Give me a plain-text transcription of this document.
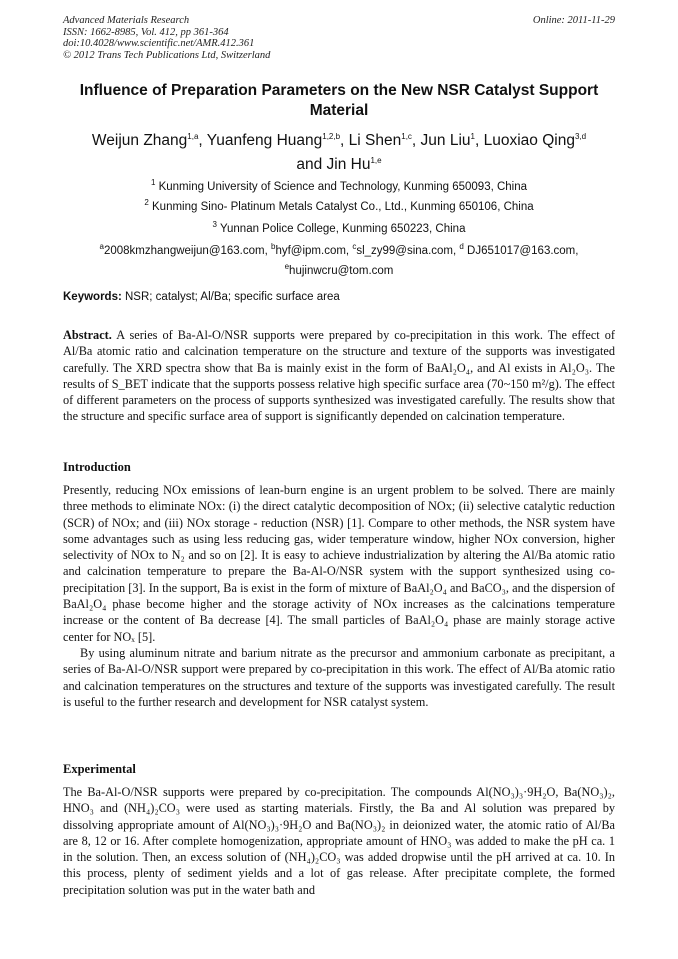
Advanced Materials Research
ISSN: 1662-8985, Vol. 412, pp 361-364
doi:10.4028/www.scientific.net/AMR.412.361
© 2012 Trans Tech Publications Ltd, Switzerland
Online: 2011-11-29
Influence of Preparation Parameters on the New NSR Catalyst Support Material
Weijun Zhang$^{1,a}$, Yuanfeng Huang$^{1,2,b}$, Li Shen$^{1,c}$, Jun Liu$^1$, Luoxiao Qing$^{3,d}$
and Jin Hu$^{1,e}$
$^1$ Kunming University of Science and Technology, Kunming 650093, China
$^2$ Kunming Sino- Platinum Metals Catalyst Co., Ltd., Kunming 650106, China
$^3$ Yunnan Police College, Kunming 650223, China
$^a$2008kmzhangweijun@163.com, $^b$hyf@ipm.com, $^c$sl_zy99@sina.com, $^d$ DJ651017@163.com,
$^e$hujinwcru@tom.com
Keywords: NSR; catalyst; Al/Ba; specific surface area

Abstract. A series of Ba-Al-O/NSR supports were prepared by co-precipitation in this work. The effect of Al/Ba atomic ratio and calcination temperature on the structure and texture of the supports was investigated carefully. The XRD spectra show that Ba is mainly exist in the form of BaAl₂O₄, and Al exists in Al₂O₃. The results of S_BET indicate that the supports possess relative high specific surface area (70~150 m²/g). The effect of different parameters on the process of supports synthesized was investigated carefully. The results show that the structure and specific surface area of support is significantly depended on calcination temperature.

Introduction

Presently, reducing NOx emissions of lean-burn engine is an urgent problem to be solved. There are mainly three methods to eliminate NOx: (i) the direct catalytic decomposition of NOx; (ii) selective catalytic reduction (SCR) of NOx; and (iii) NOx storage - reduction (NSR) [1]. Compare to other methods, the NSR system have some advantages such as using less reducing gas, wider temperature window, higher NOx conversion, higher selectivity of NOx to N₂ and so on [2]. It is easy to achieve industrialization by altering the Al/Ba atomic ratio and calcination temperature to prepare the Ba-Al-O/NSR system with the support synthesized using co-precipitation [3]. In the support, Ba is exist in the form of mixture of BaAl₂O₄ and BaCO₃, and the dispersion of BaAl₂O₄ phase become higher and the storage activity of NOx increases as the calcinations temperature increase or the content of Ba decrease [4]. The small particles of BaAl₂O₄ phase are mainly storage active center for NOₓ [5].

By using aluminum nitrate and barium nitrate as the precursor and ammonium carbonate as precipitant, a series of Ba-Al-O/NSR support were prepared by co-precipitation in this work. The effect of Al/Ba atomic ratio and calcination temperatures on the structures and texture of the supports was investigated carefully. The result is useful to the further research and development for NSR catalyst system.

Experimental

The Ba-Al-O/NSR supports were prepared by co-precipitation. The compounds Al(NO₃)₃·9H₂O, Ba(NO₃)₂, HNO₃ and (NH₄)₂CO₃ were used as starting materials. Firstly, the Ba and Al solution was prepared by dissolving appropriate amount of Al(NO₃)₃·9H₂O and Ba(NO₃)₂ in deionized water, the atomic ratio of Al/Ba are 8, 12 or 16. After complete homogenization, appropriate amount of HNO₃ was added to make the pH ca. 1 in the solution. Then, an excess solution of (NH₄)₂CO₃ was added dropwise until the pH arrived at ca. 10. In this process, plenty of sediment yields and a lot of gas release. After precipitate complete, the formed precipitation solution was put in the water bath and
